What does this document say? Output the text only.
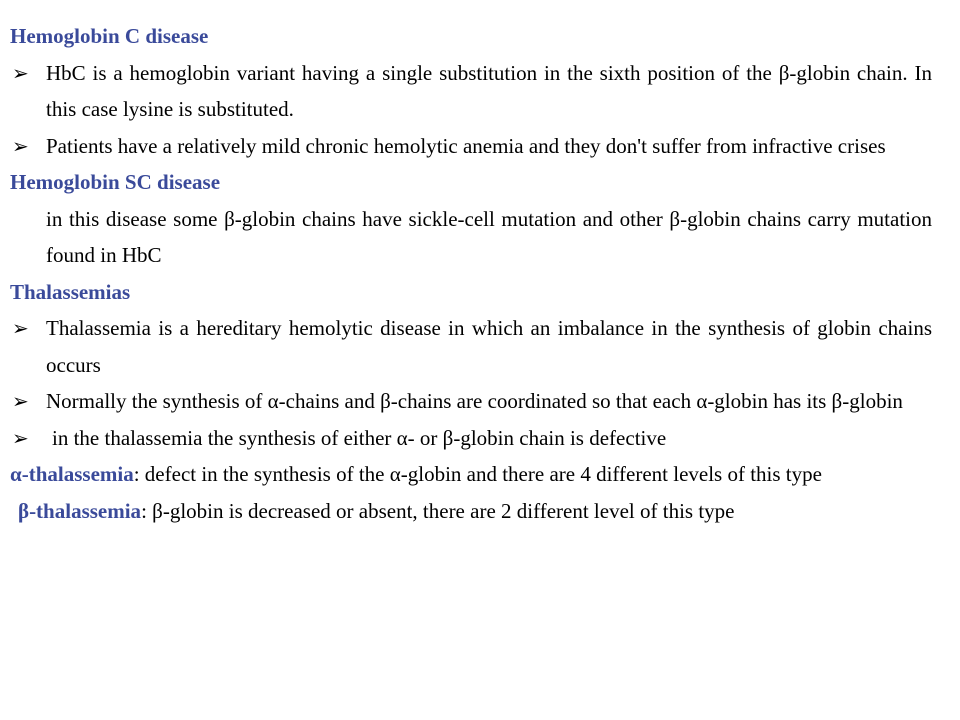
Hemoglobin C disease

➢ HbC is a hemoglobin variant having a single substitution in the sixth position of the β-globin chain. In this case lysine is substituted.

➢ Patients have a relatively mild chronic hemolytic anemia and they don't suffer from infractive crises

Hemoglobin SC disease

in this disease some β-globin chains have sickle-cell mutation and other β-globin chains carry mutation found in HbC

Thalassemias

➢ Thalassemia is a hereditary hemolytic disease in which an imbalance in the synthesis of globin chains occurs

➢ Normally the synthesis of α-chains and β-chains are coordinated so that each α-globin has its β-globin

➢ in the thalassemia the synthesis of either α- or β-globin chain is defective

α-thalassemia: defect in the synthesis of the α-globin and there are 4 different levels of this type

β-thalassemia: β-globin is decreased or absent, there are 2 different level of this type
